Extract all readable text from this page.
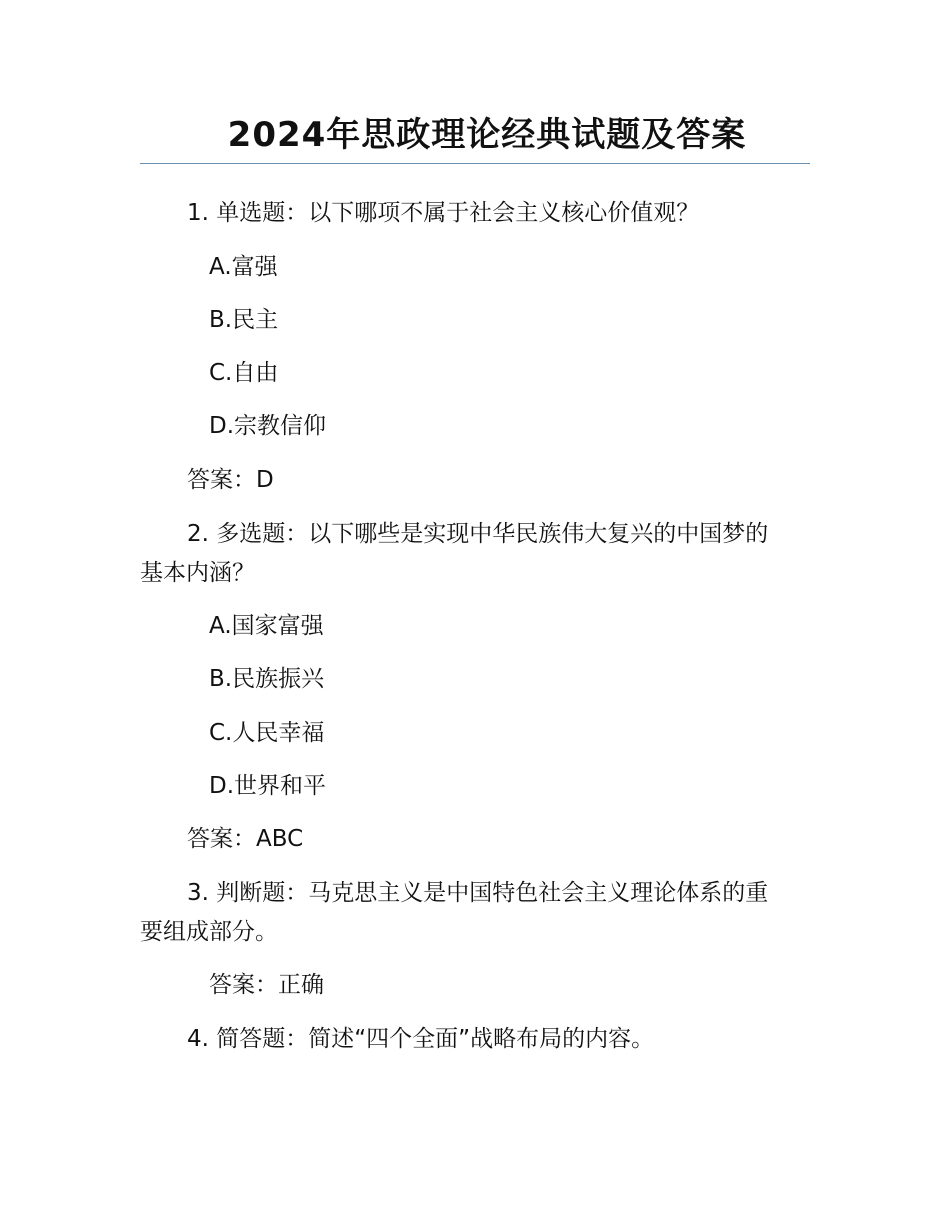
2024年思政理论经典试题及答案
1. 单选题：以下哪项不属于社会主义核心价值观？
A.富强
B.民主
C.自由
D.宗教信仰
答案：D
2. 多选题：以下哪些是实现中华民族伟大复兴的中国梦的
基本内涵？
A.国家富强
B.民族振兴
C.人民幸福
D.世界和平
答案：ABC
3. 判断题：马克思主义是中国特色社会主义理论体系的重
要组成部分。
答案：正确
4. 简答题：简述“四个全面”战略布局的内容。
